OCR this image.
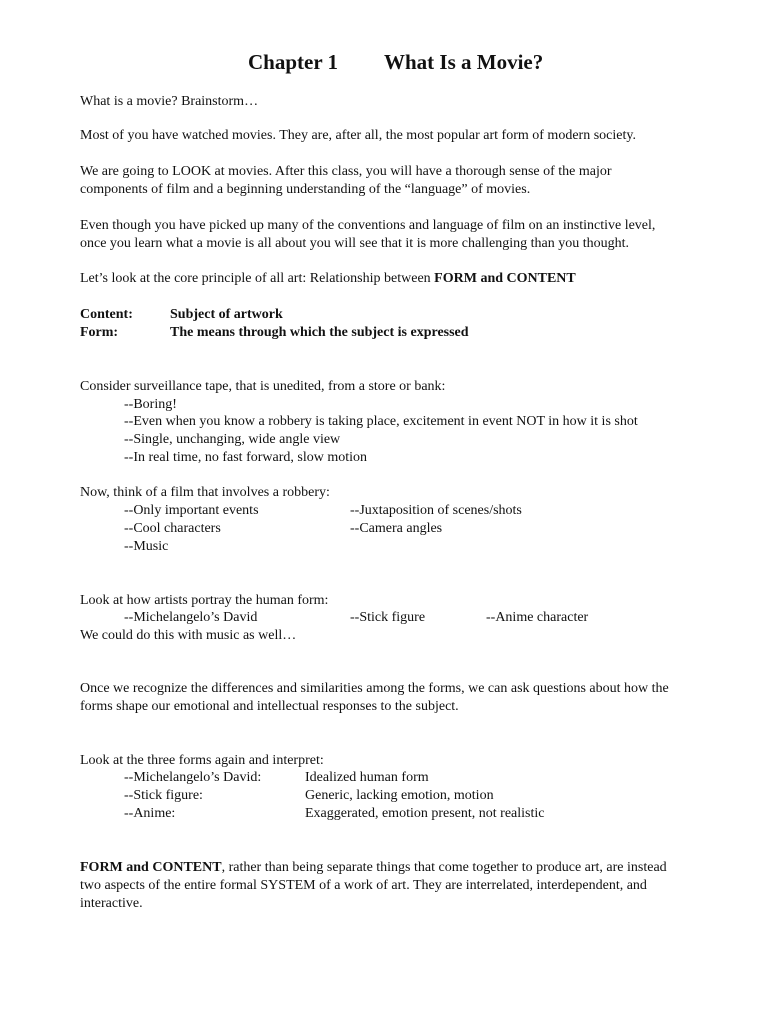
Chapter 1 What Is a Movie?
What is a movie? Brainstorm…
Most of you have watched movies. They are, after all, the most popular art form of modern society.
We are going to LOOK at movies. After this class, you will have a thorough sense of the major
components of film and a beginning understanding of the “language” of movies.
Even though you have picked up many of the conventions and language of film on an instinctive level,
once you learn what a movie is all about you will see that it is more challenging than you thought.
Let’s look at the core principle of all art: Relationship between FORM and CONTENT
Content:	Subject of artwork
Form:	The means through which the subject is expressed
Consider surveillance tape, that is unedited, from a store or bank:
--Boring!
--Even when you know a robbery is taking place, excitement in event NOT in how it is shot
--Single, unchanging, wide angle view
--In real time, no fast forward, slow motion
Now, think of a film that involves a robbery:
--Only important events	--Juxtaposition of scenes/shots
--Cool characters	--Camera angles
--Music
Look at how artists portray the human form:
--Michelangelo’s David	--Stick figure	--Anime character
We could do this with music as well…
Once we recognize the differences and similarities among the forms, we can ask questions about how the
forms shape our emotional and intellectual responses to the subject.
Look at the three forms again and interpret:
--Michelangelo’s David:	Idealized human form
--Stick figure:	Generic, lacking emotion, motion
--Anime:	Exaggerated, emotion present, not realistic
FORM and CONTENT, rather than being separate things that come together to produce art, are instead
two aspects of the entire formal SYSTEM of a work of art. They are interrelated, interdependent, and
interactive.
